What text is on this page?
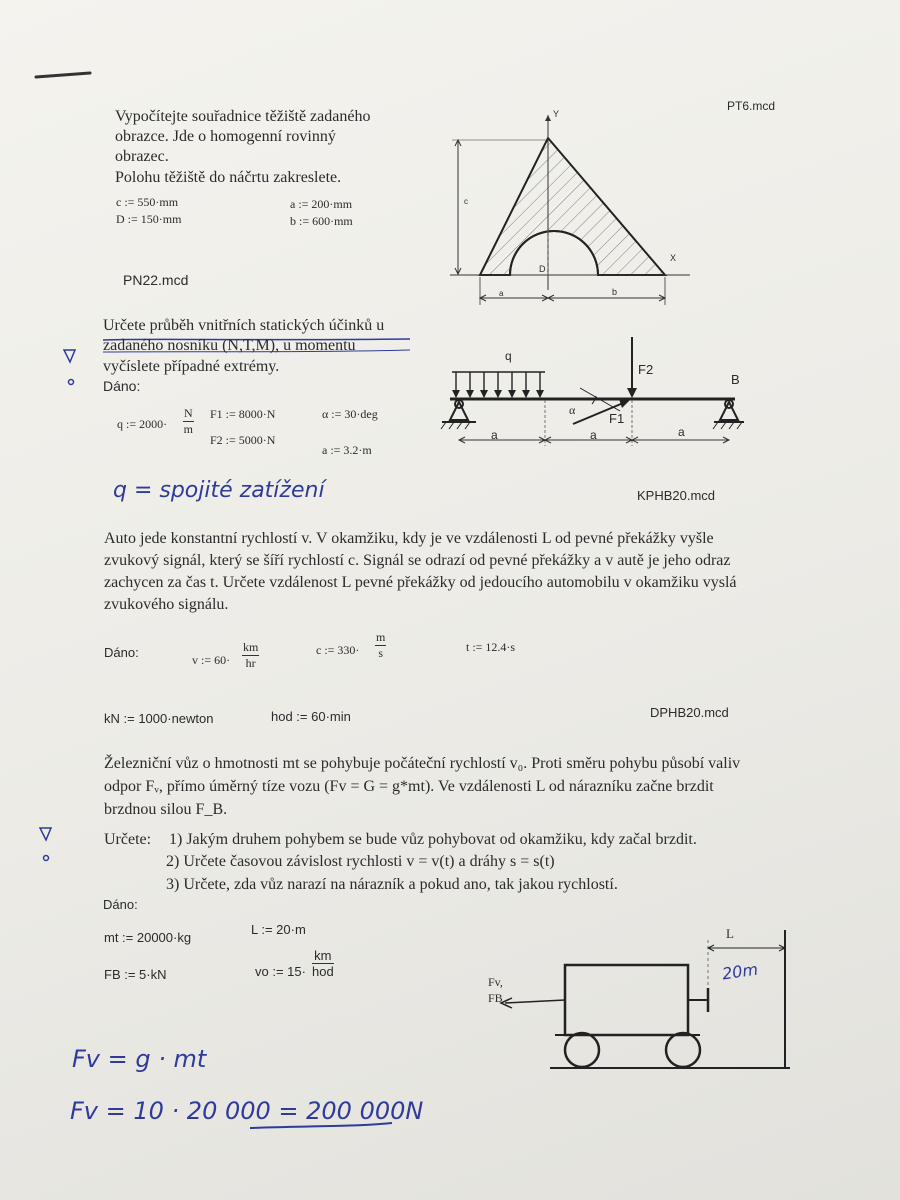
Vypočítejte souřadnice těžiště zadaného
obrazce. Jde o homogenní rovinný
obrazec.
Polohu těžiště do náčrtu zakreslete.
c := 550·mm
D := 150·mm
a := 200·mm
b := 600·mm
PT6.mcd
PN22.mcd
Y
X
c
D
a	b
Určete průběh vnitřních statických účinků u
zadaného nosníku (N,T,M), u momentu
vyčíslete případné extrémy.
Dáno:
q := $2000\cdot \frac{N}{m} F1$ := 8000·N
F2 := 5000·N
α := 30·deg
a := 3.2·m
q
F2
F1
B
α
a	a	a
q = spojité zatížení	KPHB20.mcd
Auto jede konstantní rychlostí v. V okamžiku, kdy je ve vzdálenosti L od pevné překážky vyšle
zvukový signál, který se šíří rychlostí c. Signál se odrazí od pevné překážky a v autě je jeho odraz
zachycen za čas t. Určete vzdálenost L pevné překážky od jedoucího automobilu v okamžiku vyslá
zvukového signálu.
Dáno:	v := $60\cdot \frac{km}{hr}$	c := $330\cdot \frac{m}{s}$	t := 12.4·s
kN := 1000·newton	hod := 60·min	DPHB20.mcd
Železniční vůz o hmotnosti mt se pohybuje počáteční rychlostí v₀. Proti směru pohybu působí valiv
odpor Fᵥ, přímo úměrný tíze vozu (Fv = G = g*mt). Ve vzdálenosti L od nárazníku začne brzdit
brzdnou silou F_B.
Určete: 1) Jakým druhem pohybem se bude vůz pohybovat od okamžiku, kdy začal brzdit.
2) Určete časovou závislost rychlosti v = v(t) a dráhy s = s(t)
3) Určete, zda vůz narazí na nárazník a pokud ano, tak jakou rychlostí.
Dáno:
mt := 20000·kg
L := 20·m
FB := 5·kN	vo := 15·
km
hod
L
Fv,
FB
20m
Fv = g · mt
Fv = 10 · 20 000 = 200 000N
